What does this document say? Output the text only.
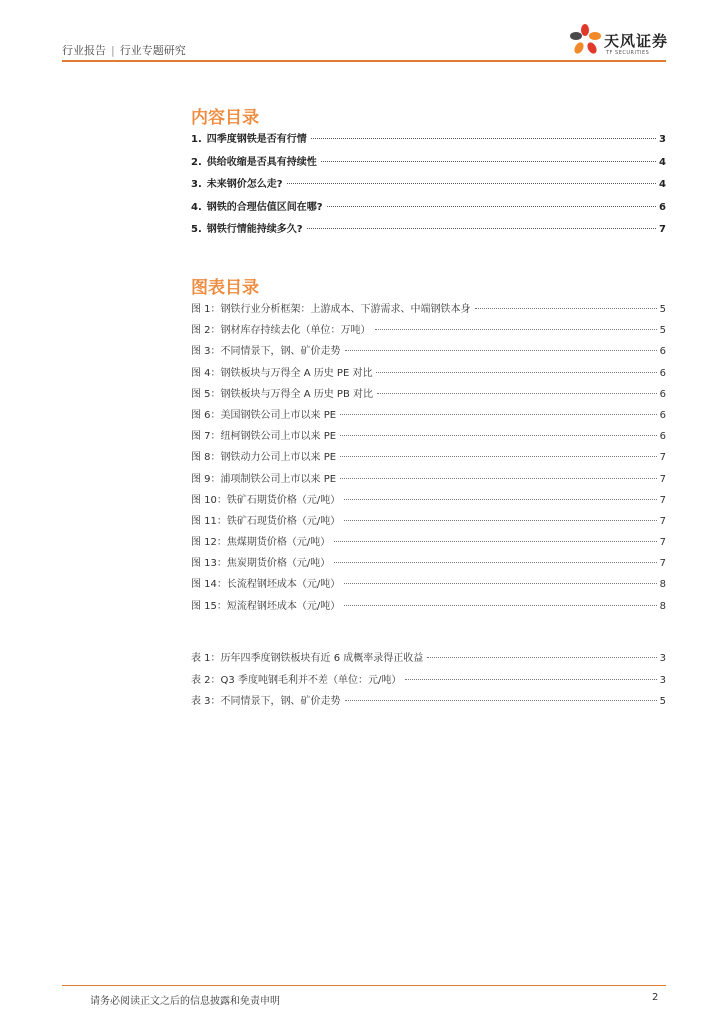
行业报告 | 行业专题研究
天风证券
TF SECURITIES
内容目录
1. 四季度钢铁是否有行情	3
2. 供给收缩是否具有持续性	4
3. 未来钢价怎么走?	4
4. 钢铁的合理估值区间在哪?	6
5. 钢铁行情能持续多久?	7
图表目录
图 1：钢铁行业分析框架：上游成本、下游需求、中端钢铁本身	5
图 2：钢材库存持续去化（单位：万吨）	5
图 3：不同情景下，钢、矿价走势	6
图 4：钢铁板块与万得全 A 历史 PE 对比	6
图 5：钢铁板块与万得全 A 历史 PB 对比	6
图 6：美国钢铁公司上市以来 PE	6
图 7：纽柯钢铁公司上市以来 PE	6
图 8：钢铁动力公司上市以来 PE	7
图 9：浦项制铁公司上市以来 PE	7
图 10：铁矿石期货价格（元/吨）	7
图 11：铁矿石现货价格（元/吨）	7
图 12：焦煤期货价格（元/吨）	7
图 13：焦炭期货价格（元/吨）	7
图 14：长流程钢坯成本（元/吨）	8
图 15：短流程钢坯成本（元/吨）	8
表 1：历年四季度钢铁板块有近 6 成概率录得正收益	3
表 2：Q3 季度吨钢毛利并不差（单位：元/吨）	3
表 3：不同情景下，钢、矿价走势	5
请务必阅读正文之后的信息披露和免责申明	2
